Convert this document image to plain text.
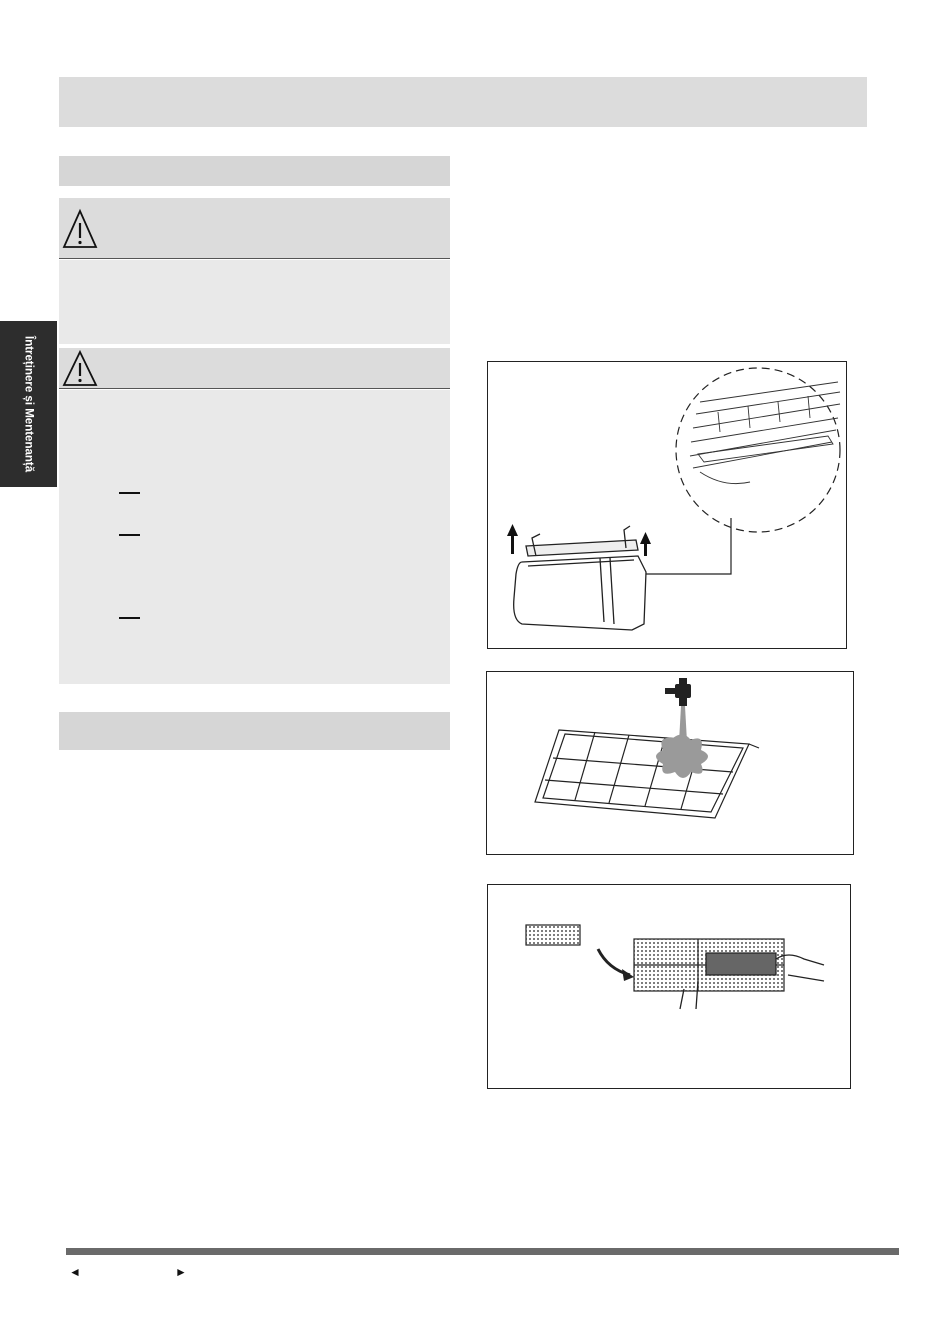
Întreținere și Mentenanță
◄	►
